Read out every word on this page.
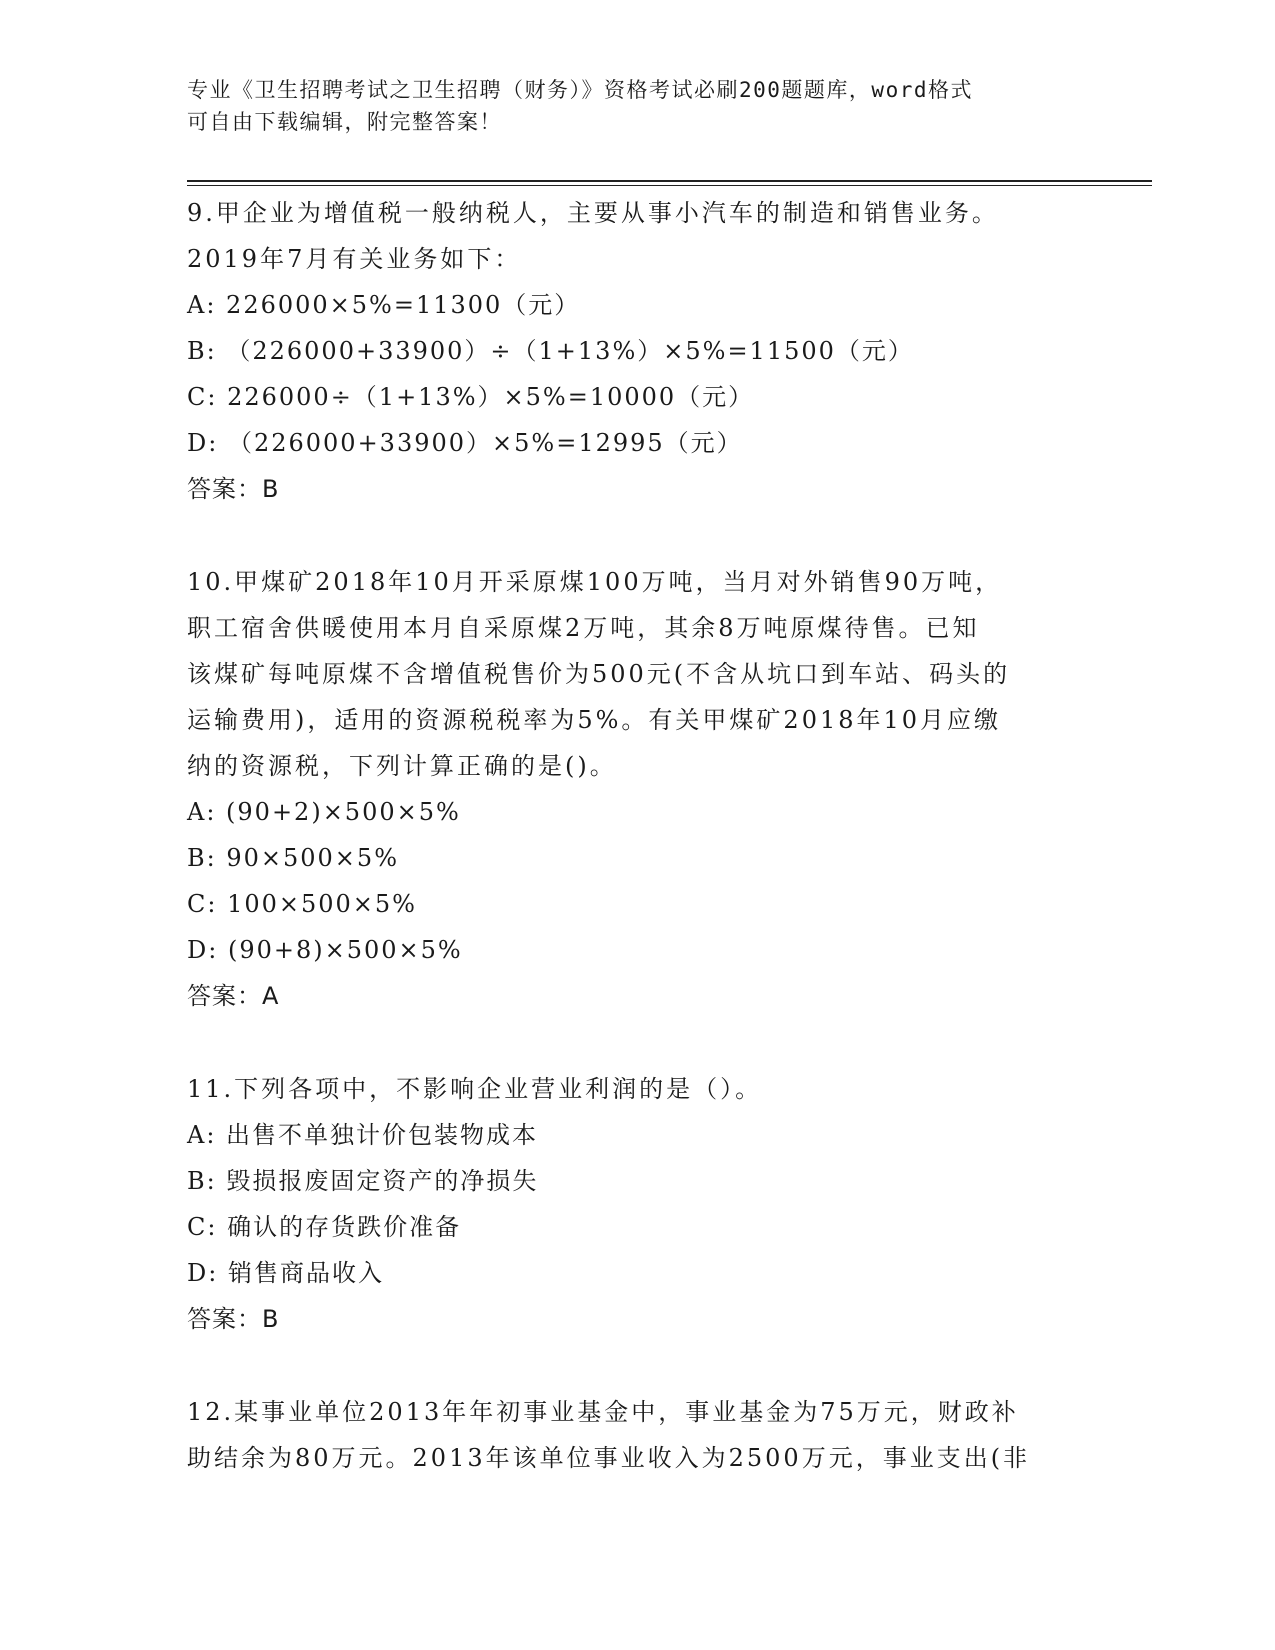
专业《卫生招聘考试之卫生招聘（财务）》资格考试必刷200题题库，word格式
可自由下载编辑，附完整答案！
9.甲企业为增值税一般纳税人，主要从事小汽车的制造和销售业务。
2019年7月有关业务如下：
A: 226000×5%=11300（元）
B: （226000+33900）÷（1+13%）×5%=11500（元）
C: 226000÷（1+13%）×5%=10000（元）
D: （226000+33900）×5%=12995（元）
答案：B
10.甲煤矿2018年10月开采原煤100万吨，当月对外销售90万吨，
职工宿舍供暖使用本月自采原煤2万吨，其余8万吨原煤待售。已知
该煤矿每吨原煤不含增值税售价为500元(不含从坑口到车站、码头的
运输费用)，适用的资源税税率为5%。有关甲煤矿2018年10月应缴
纳的资源税，下列计算正确的是()。
A: (90+2)×500×5%
B: 90×500×5%
C: 100×500×5%
D: (90+8)×500×5%
答案：A
11.下列各项中，不影响企业营业利润的是（）。
A: 出售不单独计价包装物成本
B: 毁损报废固定资产的净损失
C: 确认的存货跌价准备
D: 销售商品收入
答案：B
12.某事业单位2013年年初事业基金中，事业基金为75万元，财政补
助结余为80万元。2013年该单位事业收入为2500万元，事业支出(非
